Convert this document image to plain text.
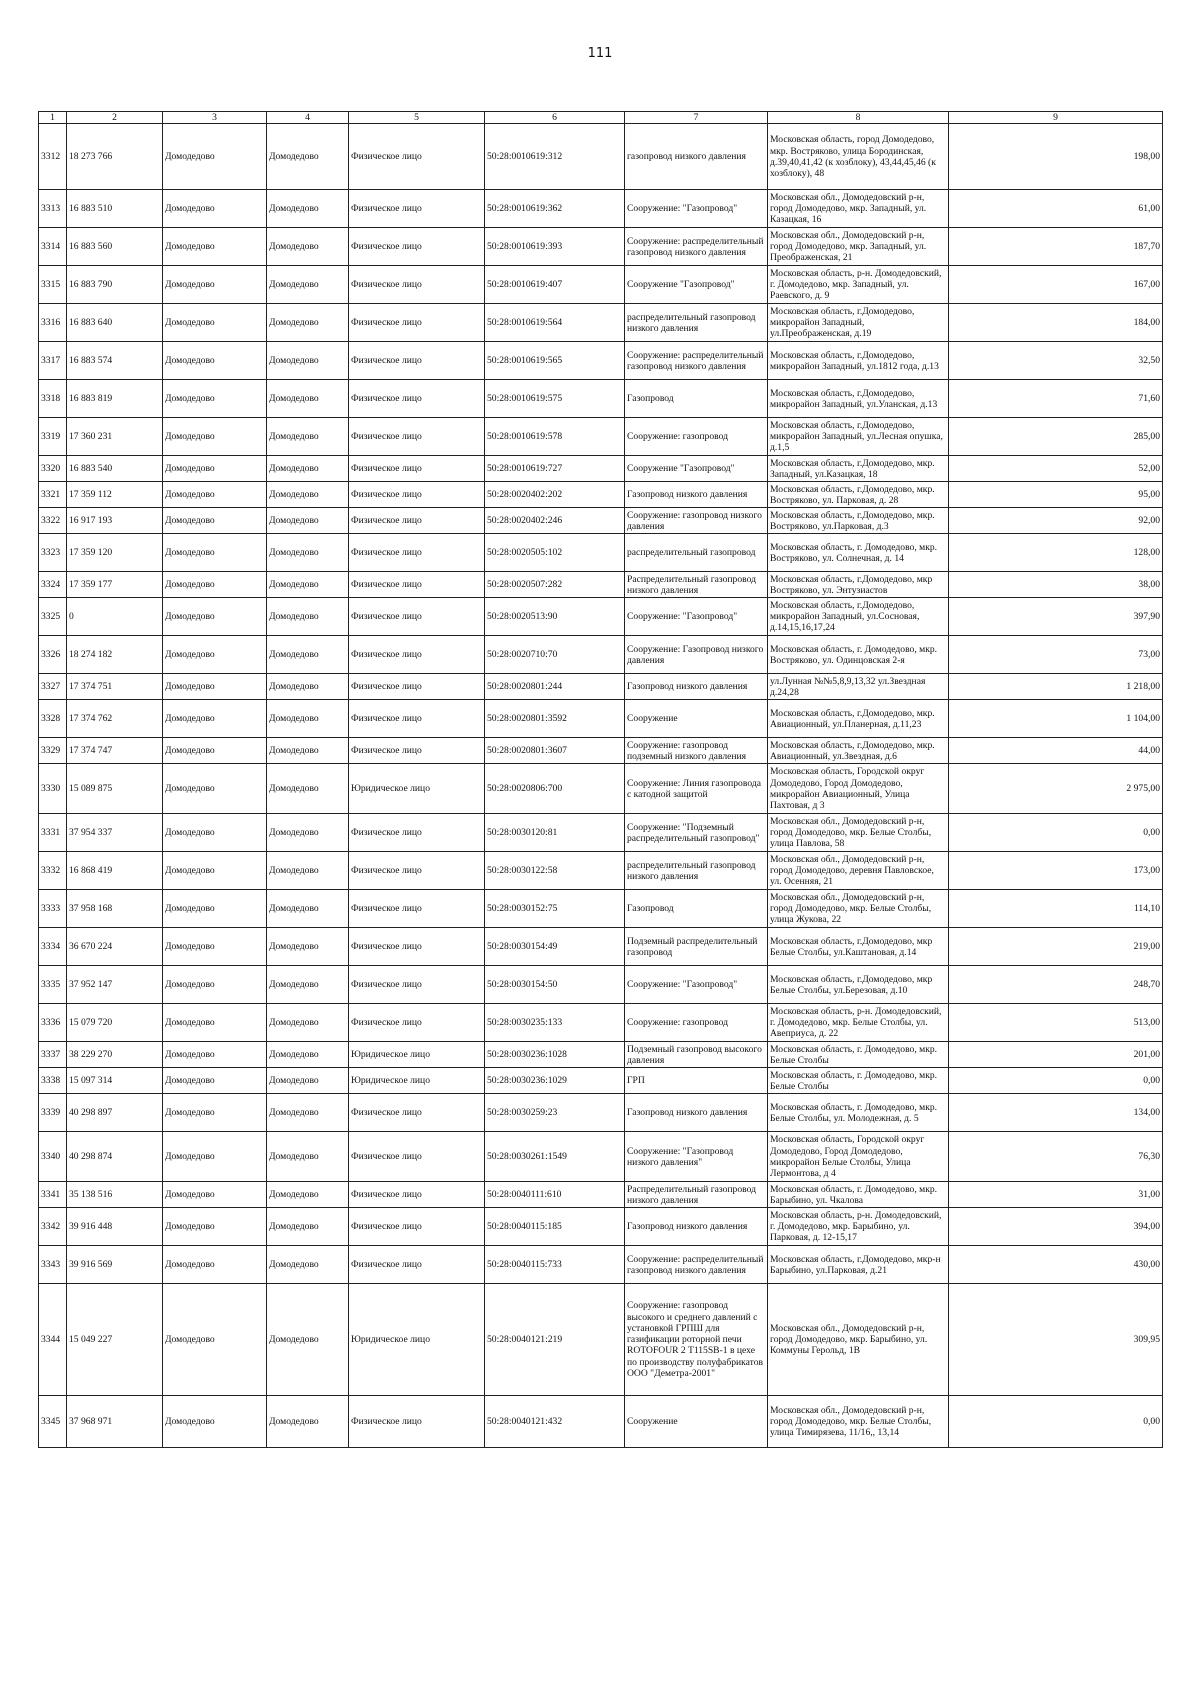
111
1	2	3	4	5	6	7	8	9
3312	18 273 766	Домодедово	Домодедово	Физическое лицо	50:28:0010619:312	газопровод низкого давления	Московская область, город Домодедово, мкр. Востряково, улица Бородинская, д.39,40,41,42 (к хозблоку), 43,44,45,46 (к хозблоку), 48	198,00
3313	16 883 510	Домодедово	Домодедово	Физическое лицо	50:28:0010619:362	Сооружение: "Газопровод"	Московская обл., Домодедовский р-н, город Домодедово, мкр. Западный, ул. Казацкая, 16	61,00
3314	16 883 560	Домодедово	Домодедово	Физическое лицо	50:28:0010619:393	Сооружение: распределительный газопровод низкого давления	Московская обл., Домодедовский р-н, город Домодедово, мкр. Западный, ул. Преображенская, 21	187,70
3315	16 883 790	Домодедово	Домодедово	Физическое лицо	50:28:0010619:407	Сооружение "Газопровод"	Московская область, р-н. Домодедовский, г. Домодедово, мкр. Западный, ул. Раевского, д. 9	167,00
3316	16 883 640	Домодедово	Домодедово	Физическое лицо	50:28:0010619:564	распределительный газопровод низкого давления	Московская область, г.Домодедово, микрорайон Западный, ул.Преображенская, д.19	184,00
3317	16 883 574	Домодедово	Домодедово	Физическое лицо	50:28:0010619:565	Сооружение: распределительный газопровод низкого давления	Московская область, г.Домодедово, микрорайон Западный, ул.1812 года, д.13	32,50
3318	16 883 819	Домодедово	Домодедово	Физическое лицо	50:28:0010619:575	Газопровод	Московская область, г.Домодедово, микрорайон Западный, ул.Уланская, д.13	71,60
3319	17 360 231	Домодедово	Домодедово	Физическое лицо	50:28:0010619:578	Сооружение: газопровод	Московская область, г.Домодедово, микрорайон Западный, ул.Лесная опушка, д.1,5	285,00
3320	16 883 540	Домодедово	Домодедово	Физическое лицо	50:28:0010619:727	Сооружение "Газопровод"	Московская область, г.Домодедово, мкр. Западный, ул.Казацкая, 18	52,00
3321	17 359 112	Домодедово	Домодедово	Физическое лицо	50:28:0020402:202	Газопровод низкого давления	Московская область, г.Домодедово, мкр. Востряково, ул. Парковая, д. 28	95,00
3322	16 917 193	Домодедово	Домодедово	Физическое лицо	50:28:0020402:246	Сооружение: газопровод низкого давления	Московская область, г.Домодедово, мкр. Востряково, ул.Парковая, д.3	92,00
3323	17 359 120	Домодедово	Домодедово	Физическое лицо	50:28:0020505:102	распределительный газопровод	Московская область, г. Домодедово, мкр. Востряково, ул. Солнечная, д. 14	128,00
3324	17 359 177	Домодедово	Домодедово	Физическое лицо	50:28:0020507:282	Распределительный газопровод низкого давления	Московская область, г.Домодедово, мкр Востряково, ул. Энтузиастов	38,00
3325	0	Домодедово	Домодедово	Физическое лицо	50:28:0020513:90	Сооружение: "Газопровод"	Московская область, г.Домодедово, микрорайон Западный, ул.Сосновая, д.14,15,16,17,24	397,90
3326	18 274 182	Домодедово	Домодедово	Физическое лицо	50:28:0020710:70	Сооружение: Газопровод низкого давления	Московская область, г. Домодедово, мкр. Востряково, ул. Одинцовская 2-я	73,00
3327	17 374 751	Домодедово	Домодедово	Физическое лицо	50:28:0020801:244	Газопровод низкого давления	ул.Лунная №№5,8,9,13,32 ул.Звездная д.24,28	1 218,00
3328	17 374 762	Домодедово	Домодедово	Физическое лицо	50:28:0020801:3592	Сооружение	Московская область, г.Домодедово, мкр. Авиационный, ул.Планерная, д.11,23	1 104,00
3329	17 374 747	Домодедово	Домодедово	Физическое лицо	50:28:0020801:3607	Сооружение: газопровод подземный низкого давления	Московская область, г.Домодедово, мкр. Авиационный, ул.Звездная, д.6	44,00
3330	15 089 875	Домодедово	Домодедово	Юридическое лицо	50:28:0020806:700	Сооружение: Линия газопровода с катодной защитой	Московская область, Городской округ Домодедово, Город Домодедово, микрорайон Авиационный, Улица Пахтовая, д 3	2 975,00
3331	37 954 337	Домодедово	Домодедово	Физическое лицо	50:28:0030120:81	Сооружение: "Подземный распределительный газопровод"	Московская обл., Домодедовский р-н, город Домодедово, мкр. Белые Столбы, улица Павлова, 58	0,00
3332	16 868 419	Домодедово	Домодедово	Физическое лицо	50:28:0030122:58	распределительный газопровод низкого давления	Московская обл., Домодедовский р-н, город Домодедово, деревня Павловское, ул. Осенняя, 21	173,00
3333	37 958 168	Домодедово	Домодедово	Физическое лицо	50:28:0030152:75	Газопровод	Московская обл., Домодедовский р-н, город Домодедово, мкр. Белые Столбы, улица Жукова, 22	114,10
3334	36 670 224	Домодедово	Домодедово	Физическое лицо	50:28:0030154:49	Подземный распределительный газопровод	Московская область, г.Домодедово, мкр Белые Столбы, ул.Каштановая, д.14	219,00
3335	37 952 147	Домодедово	Домодедово	Физическое лицо	50:28:0030154:50	Сооружение: "Газопровод"	Московская область, г.Домодедово, мкр Белые Столбы, ул.Березовая, д.10	248,70
3336	15 079 720	Домодедово	Домодедово	Физическое лицо	50:28:0030235:133	Сооружение: газопровод	Московская область, р-н. Домодедовский, г. Домодедово, мкр. Белые Столбы, ул. Авеприуса, д. 22	513,00
3337	38 229 270	Домодедово	Домодедово	Юридическое лицо	50:28:0030236:1028	Подземный газопровод высокого давления	Московская область, г. Домодедово, мкр. Белые Столбы	201,00
3338	15 097 314	Домодедово	Домодедово	Юридическое лицо	50:28:0030236:1029	ГРП	Московская область, г. Домодедово, мкр. Белые Столбы	0,00
3339	40 298 897	Домодедово	Домодедово	Физическое лицо	50:28:0030259:23	Газопровод низкого давления	Московская область, г. Домодедово, мкр. Белые Столбы, ул. Молодежная, д. 5	134,00
3340	40 298 874	Домодедово	Домодедово	Физическое лицо	50:28:0030261:1549	Сооружение: "Газопровод низкого давления"	Московская область, Городской округ Домодедово, Город Домодедово, микрорайон Белые Столбы, Улица Лермонтова, д 4	76,30
3341	35 138 516	Домодедово	Домодедово	Физическое лицо	50:28:0040111:610	Распределительный газопровод низкого давления	Московская область, г. Домодедово, мкр. Барыбино, ул. Чкалова	31,00
3342	39 916 448	Домодедово	Домодедово	Физическое лицо	50:28:0040115:185	Газопровод низкого давления	Московская область, р-н. Домодедовский, г. Домодедово, мкр. Барыбино, ул. Парковая, д. 12-15,17	394,00
3343	39 916 569	Домодедово	Домодедово	Физическое лицо	50:28:0040115:733	Сооружение: распределительный газопровод низкого давления	Московская область, г.Домодедово, мкр-н Барыбино, ул.Парковая, д.21	430,00
3344	15 049 227	Домодедово	Домодедово	Юридическое лицо	50:28:0040121:219	Сооружение: газопровод высокого и среднего давлений с установкой ГРПШ для газификации роторной печи ROTOFOUR 2 T115SB-1 в цехе по производству полуфабрикатов ООО "Деметра-2001"	Московская обл., Домодедовский р-н, город Домодедово, мкр. Барыбино, ул. Коммуны Герольд, 1В	309,95
3345	37 968 971	Домодедово	Домодедово	Физическое лицо	50:28:0040121:432	Сооружение	Московская обл., Домодедовский р-н, город Домодедово, мкр. Белые Столбы, улица Тимирязева, 11/16,, 13,14	0,00
